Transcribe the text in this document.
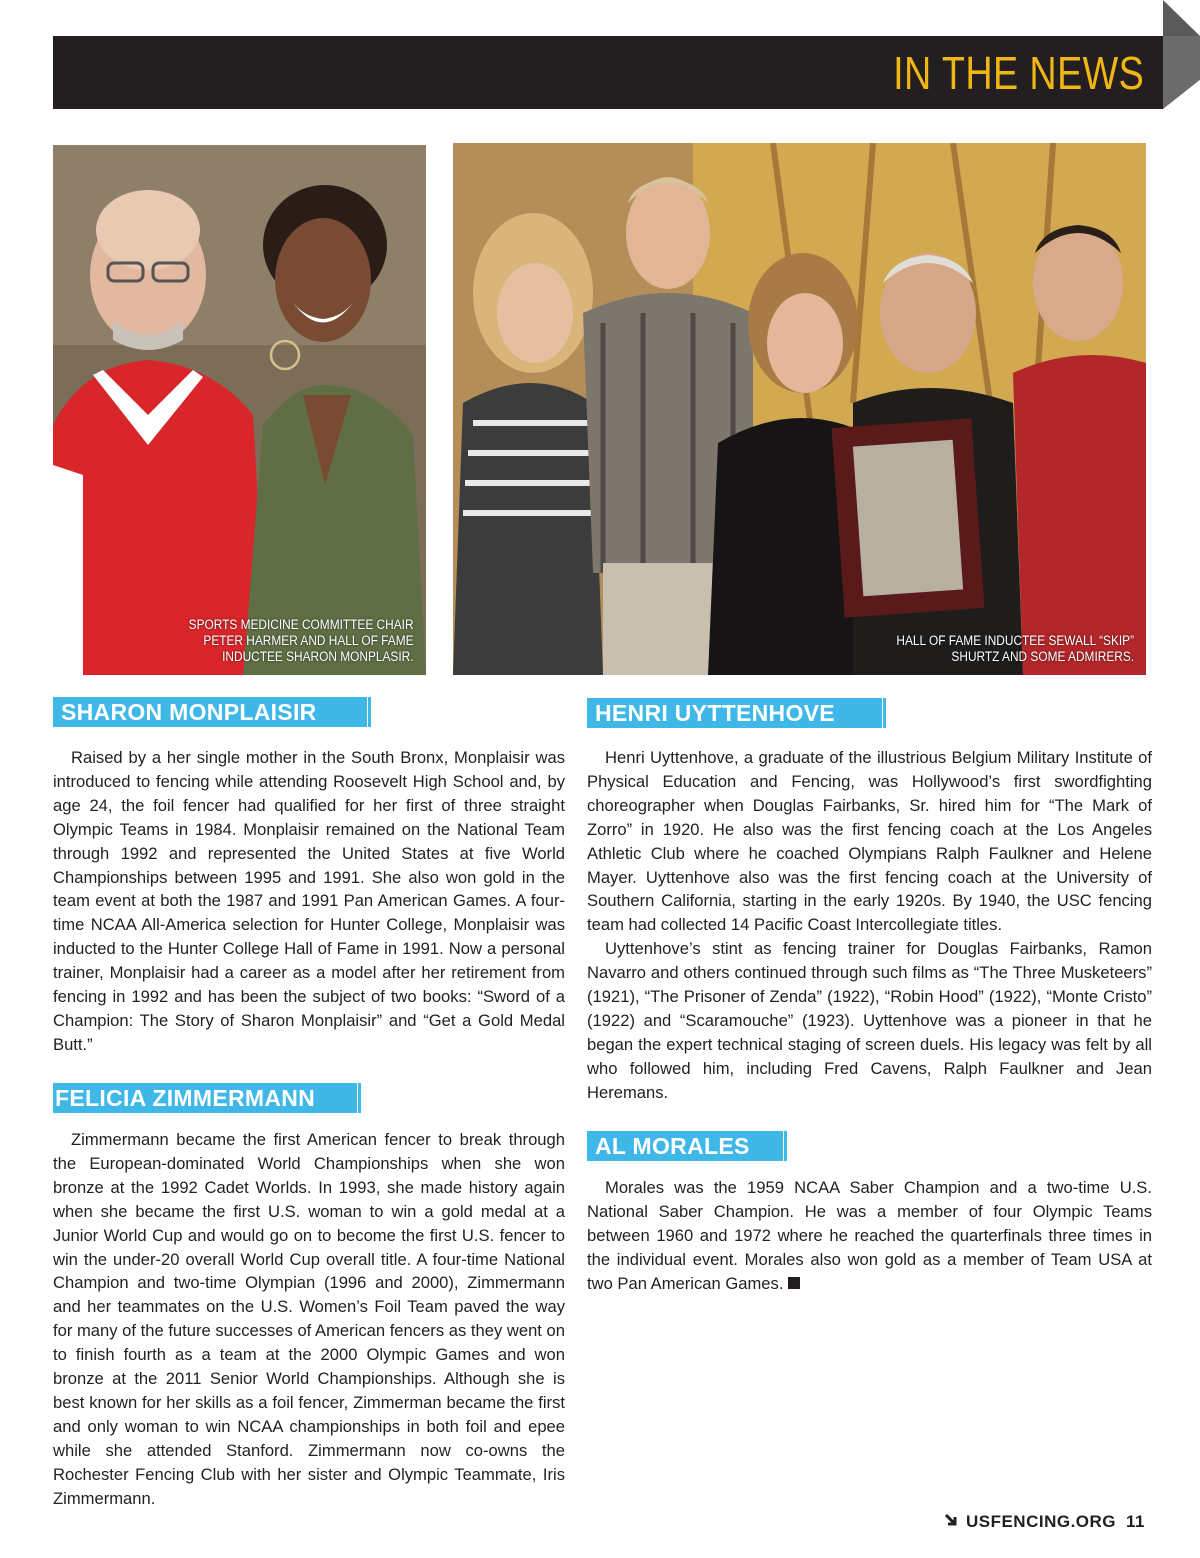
IN THE NEWS
SPORTS MEDICINE COMMITTEE CHAIR
PETER HARMER AND HALL OF FAME
INDUCTEE SHARON MONPLASIR.
HALL OF FAME INDUCTEE SEWALL “SKIP”
SHURTZ AND SOME ADMIRERS.
SHARON MONPLAISIR

Raised by a her single mother in the South Bronx, Monplaisir was introduced to fencing while attending Roosevelt High School and, by age 24, the foil fencer had qualified for her first of three straight Olympic Teams in 1984. Monplaisir remained on the National Team through 1992 and represented the United States at five World Championships between 1995 and 1991. She also won gold in the team event at both the 1987 and 1991 Pan American Games. A four-time NCAA All-America selection for Hunter College, Monplaisir was inducted to the Hunter College Hall of Fame in 1991. Now a personal trainer, Monplaisir had a career as a model after her retirement from fencing in 1992 and has been the subject of two books: “Sword of a Champion: The Story of Sharon Monplaisir” and “Get a Gold Medal Butt.”

FELICIA ZIMMERMANN

Zimmermann became the first American fencer to break through the European-dominated World Championships when she won bronze at the 1992 Cadet Worlds. In 1993, she made history again when she became the first U.S. woman to win a gold medal at a Junior World Cup and would go on to become the first U.S. fencer to win the under-20 overall World Cup overall title. A four-time National Champion and two-time Olympian (1996 and 2000), Zimmermann and her teammates on the U.S. Women’s Foil Team paved the way for many of the future successes of American fencers as they went on to finish fourth as a team at the 2000 Olympic Games and won bronze at the 2011 Senior World Championships. Although she is best known for her skills as a foil fencer, Zimmerman became the first and only woman to win NCAA championships in both foil and epee while she attended Stanford. Zimmermann now co-owns the Rochester Fencing Club with her sister and Olympic Teammate, Iris Zimmermann.

HENRI UYTTENHOVE

Henri Uyttenhove, a graduate of the illustrious Belgium Military Institute of Physical Education and Fencing, was Hollywood’s first swordfighting choreographer when Douglas Fairbanks, Sr. hired him for “The Mark of Zorro” in 1920. He also was the first fencing coach at the Los Angeles Athletic Club where he coached Olympians Ralph Faulkner and Helene Mayer. Uyttenhove also was the first fencing coach at the University of Southern California, starting in the early 1920s. By 1940, the USC fencing team had collected 14 Pacific Coast Intercollegiate titles.

Uyttenhove’s stint as fencing trainer for Douglas Fairbanks, Ramon Navarro and others continued through such films as “The Three Musketeers” (1921), “The Prisoner of Zenda” (1922), “Robin Hood” (1922), “Monte Cristo” (1922) and “Scaramouche” (1923). Uyttenhove was a pioneer in that he began the expert technical staging of screen duels. His legacy was felt by all who followed him, including Fred Cavens, Ralph Faulkner and Jean Heremans.

AL MORALES

Morales was the 1959 NCAA Saber Champion and a two-time U.S. National Saber Champion. He was a member of four Olympic Teams between 1960 and 1972 where he reached the quarterfinals three times in the individual event. Morales also won gold as a member of Team USA at two Pan American Games.

USFENCING.ORG 11
